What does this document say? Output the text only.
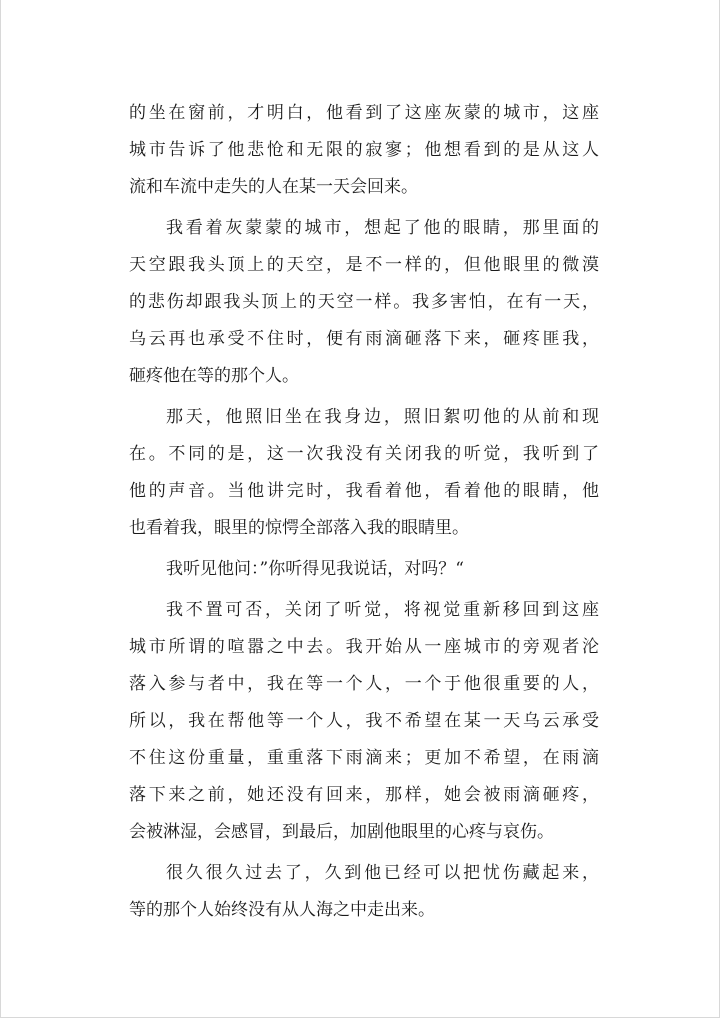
的坐在窗前，才明白，他看到了这座灰蒙的城市，这座
城市告诉了他悲怆和无限的寂寥；他想看到的是从这人
流和车流中走失的人在某一天会回来。
我看着灰蒙蒙的城市，想起了他的眼睛，那里面的
天空跟我头顶上的天空，是不一样的，但他眼里的微漠
的悲伤却跟我头顶上的天空一样。我多害怕，在有一天，
乌云再也承受不住时，便有雨滴砸落下来，砸疼匪我，
砸疼他在等的那个人。
那天，他照旧坐在我身边，照旧絮叨他的从前和现
在。不同的是，这一次我没有关闭我的听觉，我听到了
他的声音。当他讲完时，我看着他，看着他的眼睛，他
也看着我，眼里的惊愕全部落入我的眼睛里。
我听见他问：”你听得见我说话，对吗？“
我不置可否，关闭了听觉，将视觉重新移回到这座
城市所谓的喧嚣之中去。我开始从一座城市的旁观者沦
落入参与者中，我在等一个人，一个于他很重要的人，
所以，我在帮他等一个人，我不希望在某一天乌云承受
不住这份重量，重重落下雨滴来；更加不希望，在雨滴
落下来之前，她还没有回来，那样，她会被雨滴砸疼，
会被淋湿，会感冒，到最后，加剧他眼里的心疼与哀伤。
很久很久过去了，久到他已经可以把忧伤藏起来，
等的那个人始终没有从人海之中走出来。
